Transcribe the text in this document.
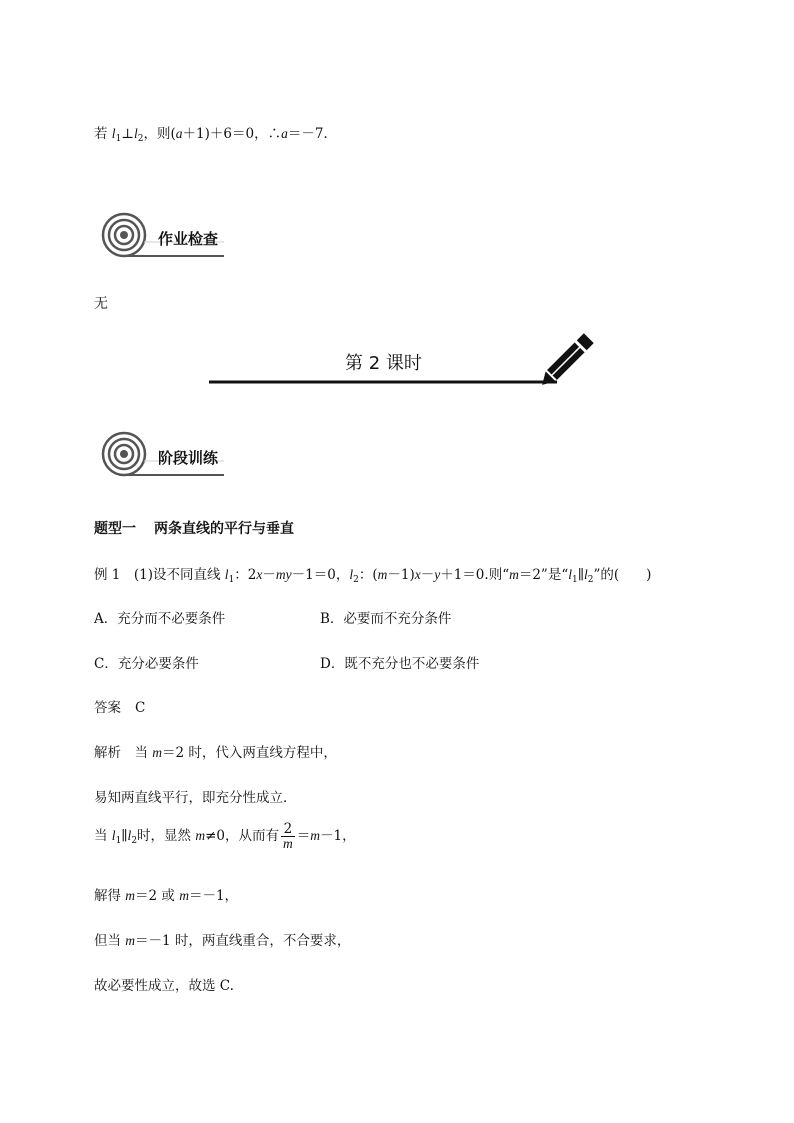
若 $l_1\perp l_2$，则(a＋1)＋6＝0，∴a＝－7.
作业检查
无
第 2 课时
阶段训练
题型一 两条直线的平行与垂直
例 1　(1)设不同直线 $l_1$：2x－my－1＝0，$l_2$：(m－1)x－y＋1＝0.则“m＝2”是“$l_1\parallel l_2$”的(　　)
A．充分而不必要条件	B．必要而不充分条件
C．充分必要条件	D．既不充分也不必要条件
答案 C
解析　当 m＝2 时，代入两直线方程中，
易知两直线平行，即充分性成立．
当 $l_1\parallel l_2$时，显然 m≠0，从而有 $\frac{2}{m} =m-1$，
解得 m＝2 或 m＝－1，
但当 m＝－1 时，两直线重合，不合要求，
故必要性成立，故选 C.
